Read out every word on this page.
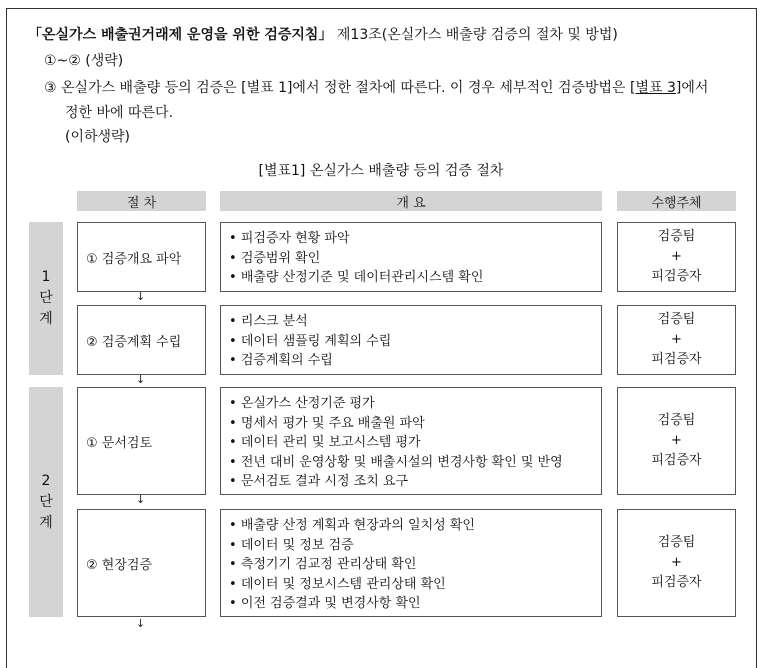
「온실가스 배출권거래제 운영을 위한 검증지침」 제13조(온실가스 배출량 검증의 절차 및 방법)
①~② (생략)
③ 온실가스 배출량 등의 검증은 [별표 1]에서 정한 절차에 따른다. 이 경우 세부적인 검증방법은 [별표 3]에서
정한 바에 따른다.
(이하생략)
[별표1] 온실가스 배출량 등의 검증 절차
절 차	개 요	수행주체
1
단
계
2
단
계
① 검증개요 파악
• 피검증자 현황 파악
• 검증범위 확인
• 배출량 산정기준 및 데이터관리시스템 확인
검증팀
+
피검증자
↓
② 검증계획 수립
• 리스크 분석
• 데이터 샘플링 계획의 수립
• 검증계획의 수립
검증팀
+
피검증자
↓
① 문서검토
• 온실가스 산정기준 평가
• 명세서 평가 및 주요 배출원 파악
• 데이터 관리 및 보고시스템 평가
• 전년 대비 운영상황 및 배출시설의 변경사항 확인 및 반영
• 문서검토 결과 시정 조치 요구
검증팀
+
피검증자
↓
② 현장검증
• 배출량 산정 계획과 현장과의 일치성 확인
• 데이터 및 정보 검증
• 측정기기 검교정 관리상태 확인
• 데이터 및 정보시스템 관리상태 확인
• 이전 검증결과 및 변경사항 확인
검증팀
+
피검증자
↓
